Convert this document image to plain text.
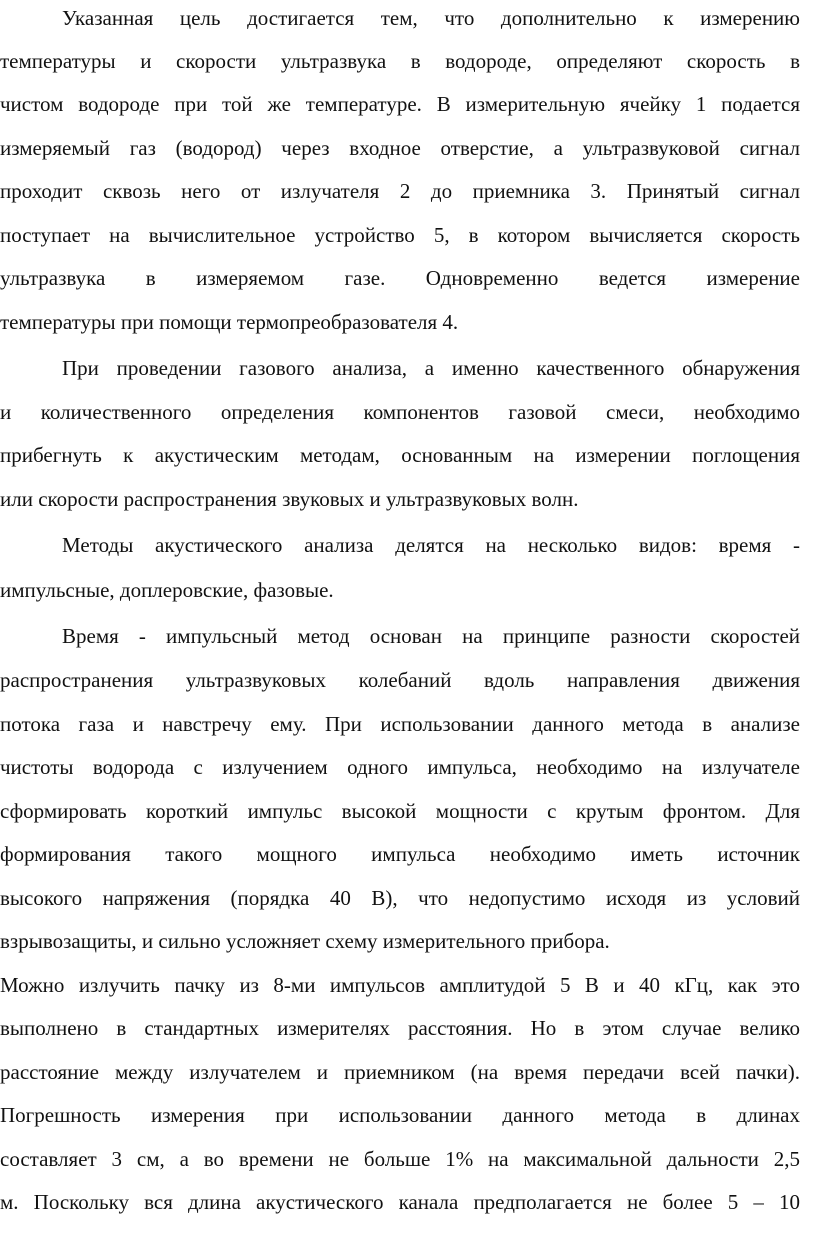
Указанная цель достигается тем, что дополнительно к измерению
температуры и скорости ультразвука в водороде, определяют скорость в
чистом водороде при той же температуре. В измерительную ячейку 1 подается
измеряемый газ (водород) через входное отверстие, а ультразвуковой сигнал
проходит сквозь него от излучателя 2 до приемника 3. Принятый сигнал
поступает на вычислительное устройство 5, в котором вычисляется скорость
ультразвука в измеряемом газе. Одновременно ведется измерение
температуры при помощи термопреобразователя 4.
При проведении газового анализа, а именно качественного обнаружения
и количественного определения компонентов газовой смеси, необходимо
прибегнуть к акустическим методам, основанным на измерении поглощения
или скорости распространения звуковых и ультразвуковых волн.
Методы акустического анализа делятся на несколько видов: время -
импульсные, доплеровские, фазовые.
Время - импульсный метод основан на принципе разности скоростей
распространения ультразвуковых колебаний вдоль направления движения
потока газа и навстречу ему. При использовании данного метода в анализе
чистоты водорода с излучением одного импульса, необходимо на излучателе
сформировать короткий импульс высокой мощности с крутым фронтом. Для
формирования такого мощного импульса необходимо иметь источник
высокого напряжения (порядка 40 В), что недопустимо исходя из условий
взрывозащиты, и сильно усложняет схему измерительного прибора.
Можно излучить пачку из 8-ми импульсов амплитудой 5 В и 40 кГц, как это
выполнено в стандартных измерителях расстояния. Но в этом случае велико
расстояние между излучателем и приемником (на время передачи всей пачки).
Погрешность измерения при использовании данного метода в длинах
составляет 3 см, а во времени не больше 1% на максимальной дальности 2,5
м. Поскольку вся длина акустического канала предполагается не более 5 – 10
